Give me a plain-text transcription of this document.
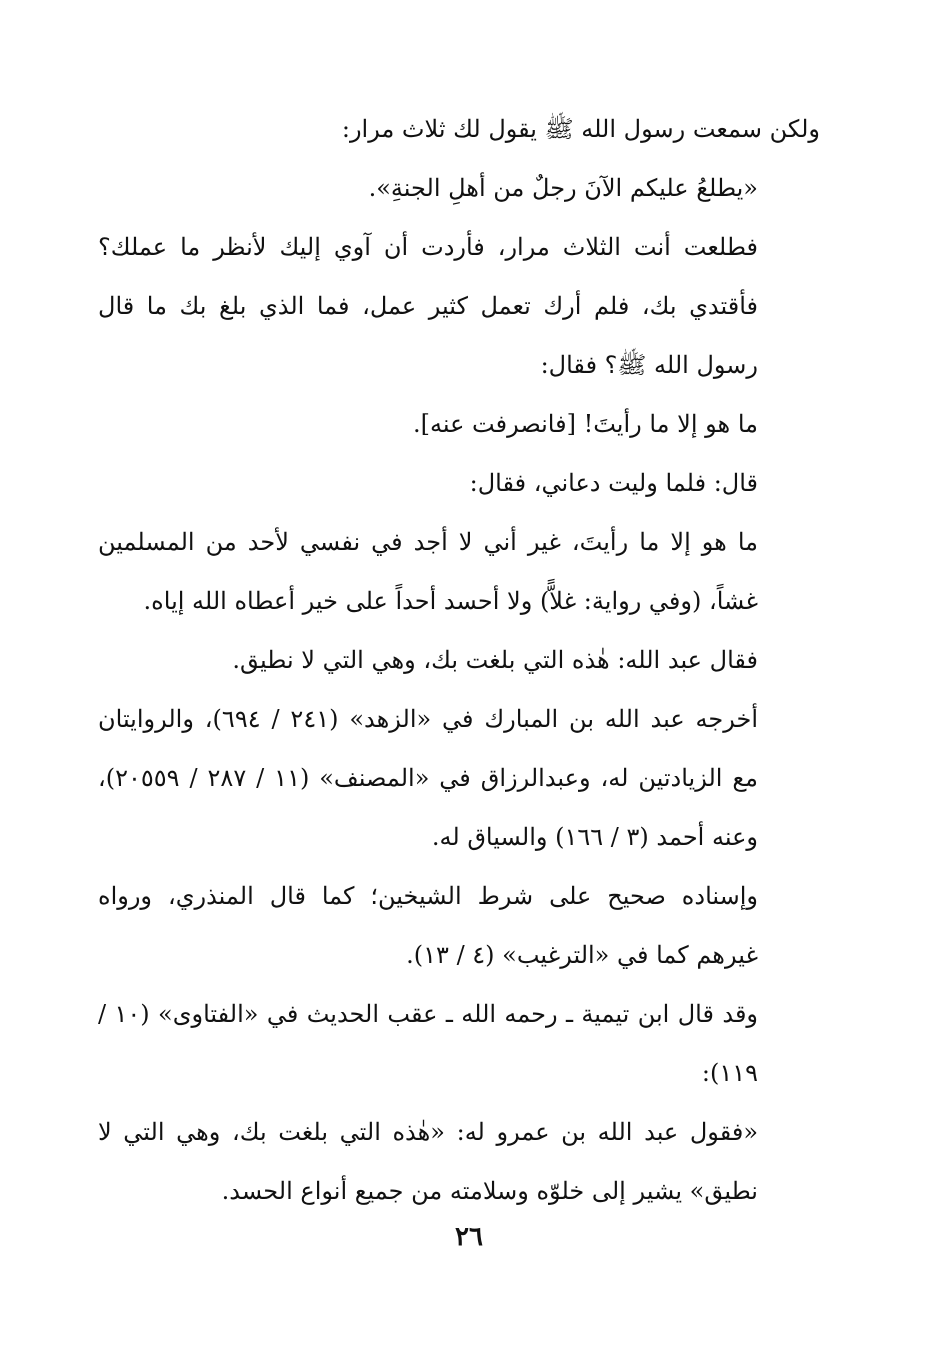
ولكن سمعت رسول الله ﷺ يقول لك ثلاث مرار:

«يطلعُ عليكم الآنَ رجلٌ من أهلِ الجنةِ».

فطلعت أنت الثلاث مرار، فأردت أن آوي إليك لأنظر ما عملك؟ فأقتدي بك، فلم أرك تعمل كثير عمل، فما الذي بلغ بك ما قال رسول الله ﷺ؟ فقال:

ما هو إلا ما رأيتَ! [فانصرفت عنه].

قال: فلما وليت دعاني، فقال:

ما هو إلا ما رأيتَ، غير أني لا أجد في نفسي لأحد من المسلمين غشاً، (وفي رواية: غلاًّ) ولا أحسد أحداً على خير أعطاه الله إياه.

فقال عبد الله: هٰذه التي بلغت بك، وهي التي لا نطيق.

أخرجه عبد الله بن المبارك في «الزهد» (٢٤١ / ٦٩٤)، والروايتان مع الزيادتين له، وعبدالرزاق في «المصنف» (١١ / ٢٨٧ / ٢٠٥٥٩)، وعنه أحمد (٣ / ١٦٦) والسياق له.

وإسناده صحيح على شرط الشيخين؛ كما قال المنذري، ورواه غيرهم كما في «الترغيب» (٤ / ١٣).

وقد قال ابن تيمية ـ رحمه الله ـ عقب الحديث في «الفتاوى» (١٠ / ١١٩):

«فقول عبد الله بن عمرو له: «هٰذه التي بلغت بك، وهي التي لا نطيق» يشير إلى خلوّه وسلامته من جميع أنواع الحسد.

٢٦
